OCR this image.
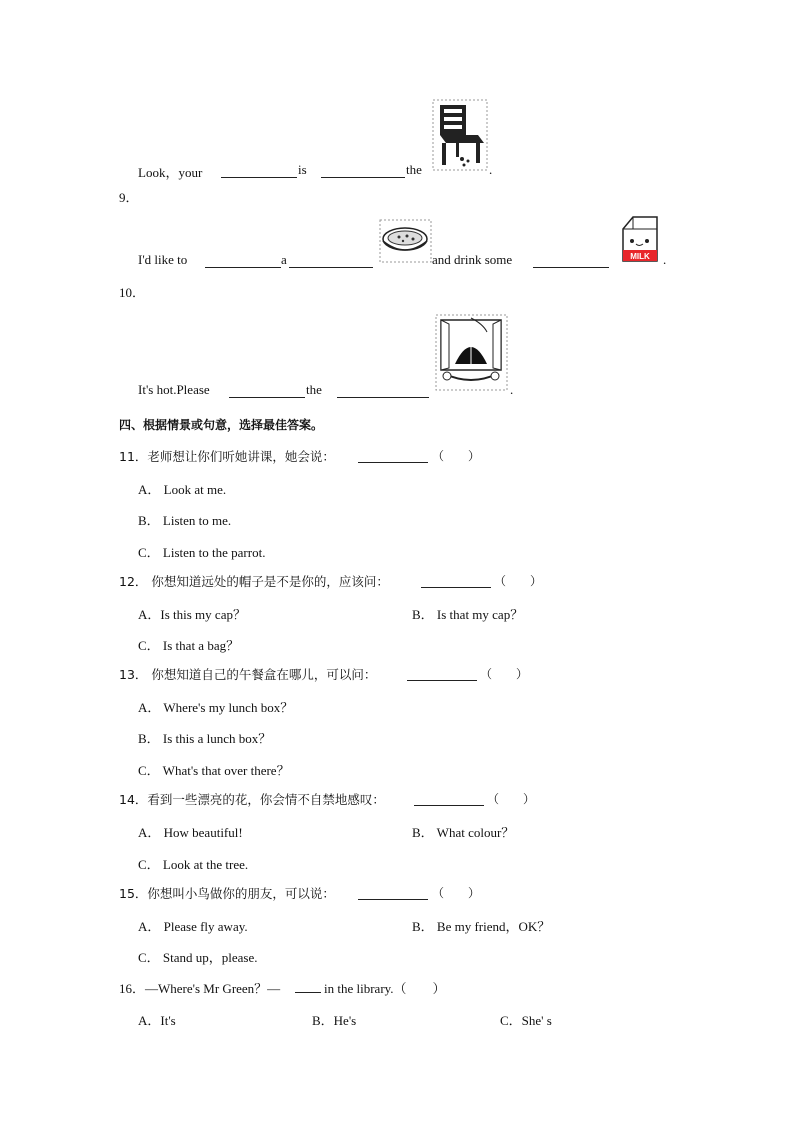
Look，your	is	the	.
9．
I'd like to	a	and drink some	MILK .
10．
It's hot.Please	the	.
四、根据情景或句意，选择最佳答案。
11．老师想让你们听她讲课，她会说：	（　　）
A． Look at me.
B． Listen to me.
C． Listen to the parrot.
12． 你想知道远处的帽子是不是你的，应该问：	（　　）
A．Is this my cap？	B． Is that my cap？
C． Is that a bag？
13． 你想知道自己的午餐盒在哪儿，可以问：	（　　）
A． Where's my lunch box？
B． Is this a lunch box？
C． What's that over there？
14．看到一些漂亮的花，你会情不自禁地感叹：	（　　）
A． How beautiful!	B． What colour？
C． Look at the tree.
15．你想叫小鸟做你的朋友，可以说：	（　　）
A． Please fly away.	B． Be my friend，OK？
C． Stand up，please.
16．—Where's Mr Green？—	in the library.（　　）
A．It's	B．He's	C．She' s
